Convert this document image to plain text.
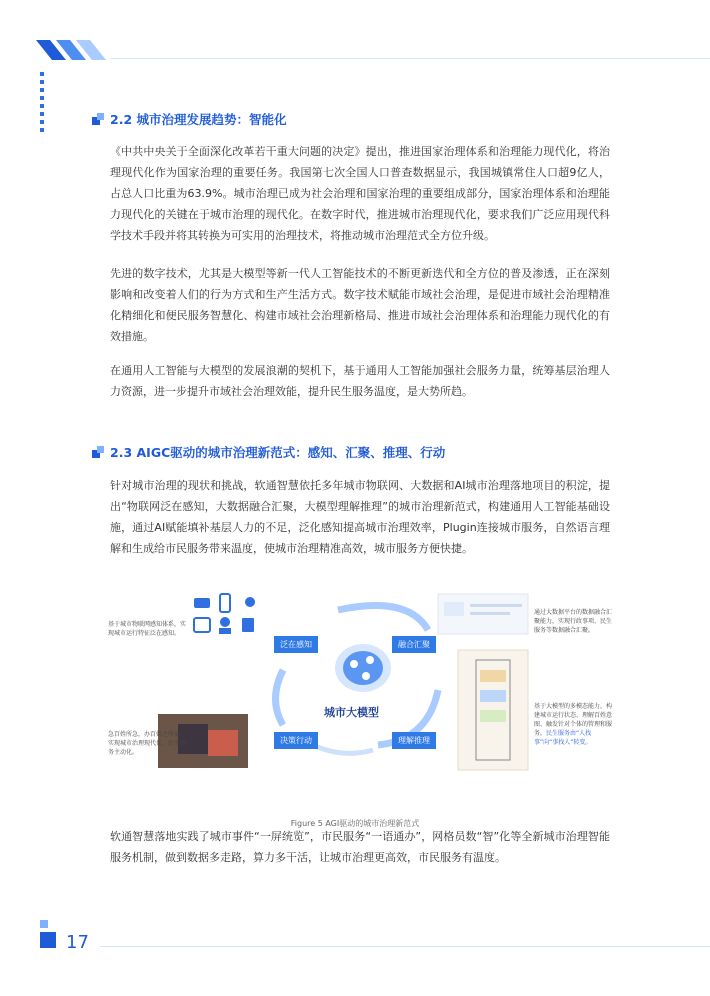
2.2 城市治理发展趋势：智能化

《中共中央关于全面深化改革若干重大问题的决定》提出，推进国家治理体系和治理能力现代化，将治理现代化作为国家治理的重要任务。我国第七次全国人口普查数据显示，我国城镇常住人口超9亿人，占总人口比重为63.9%。城市治理已成为社会治理和国家治理的重要组成部分，国家治理体系和治理能力现代化的关键在于城市治理的现代化。在数字时代，推进城市治理现代化，要求我们广泛应用现代科学技术手段并将其转换为可实用的治理技术，将推动城市治理范式全方位升级。

先进的数字技术，尤其是大模型等新一代人工智能技术的不断更新迭代和全方位的普及渗透，正在深刻影响和改变着人们的行为方式和生产生活方式。数字技术赋能市域社会治理，是促进市域社会治理精准化精细化和便民服务智慧化、构建市域社会治理新格局、推进市域社会治理体系和治理能力现代化的有效措施。

在通用人工智能与大模型的发展浪潮的契机下，基于通用人工智能加强社会服务力量，统筹基层治理人力资源，进一步提升市域社会治理效能，提升民生服务温度，是大势所趋。

2.3 AIGC驱动的城市治理新范式：感知、汇聚、推理、行动

针对城市治理的现状和挑战，软通智慧依托多年城市物联网、大数据和AI城市治理落地项目的积淀，提出“物联网泛在感知，大数据融合汇聚，大模型理解推理”的城市治理新范式，构建通用人工智能基础设施，通过AI赋能填补基层人力的不足，泛化感知提高城市治理效率，Plugin连接城市服务，自然语言理解和生成给市民服务带来温度，使城市治理精准高效，城市服务方便快捷。

基于城市物联网感知体系，实现城市运行特征泛在感知。
通过大数据平台的数据融合汇聚能力，实现行政事项、民生服务等数据融合汇聚。
基于大模型的多模态能力，构建城市运行状态、理解百姓意图、触发针对个体的管理和服务，民生服务由“人找事”向“事找人”转变。
急百姓所急，办百姓之所需，实现城市治理现代化、民生服务主动化。
泛在感知	融合汇聚
理解推理
决策行动
城市大模型
Figure 5 AGI驱动的城市治理新范式

软通智慧落地实践了城市事件“一屏统览”，市民服务“一语通办”，网格员数“智”化等全新城市治理智能服务机制，做到数据多走路，算力多干活，让城市治理更高效，市民服务有温度。

17
